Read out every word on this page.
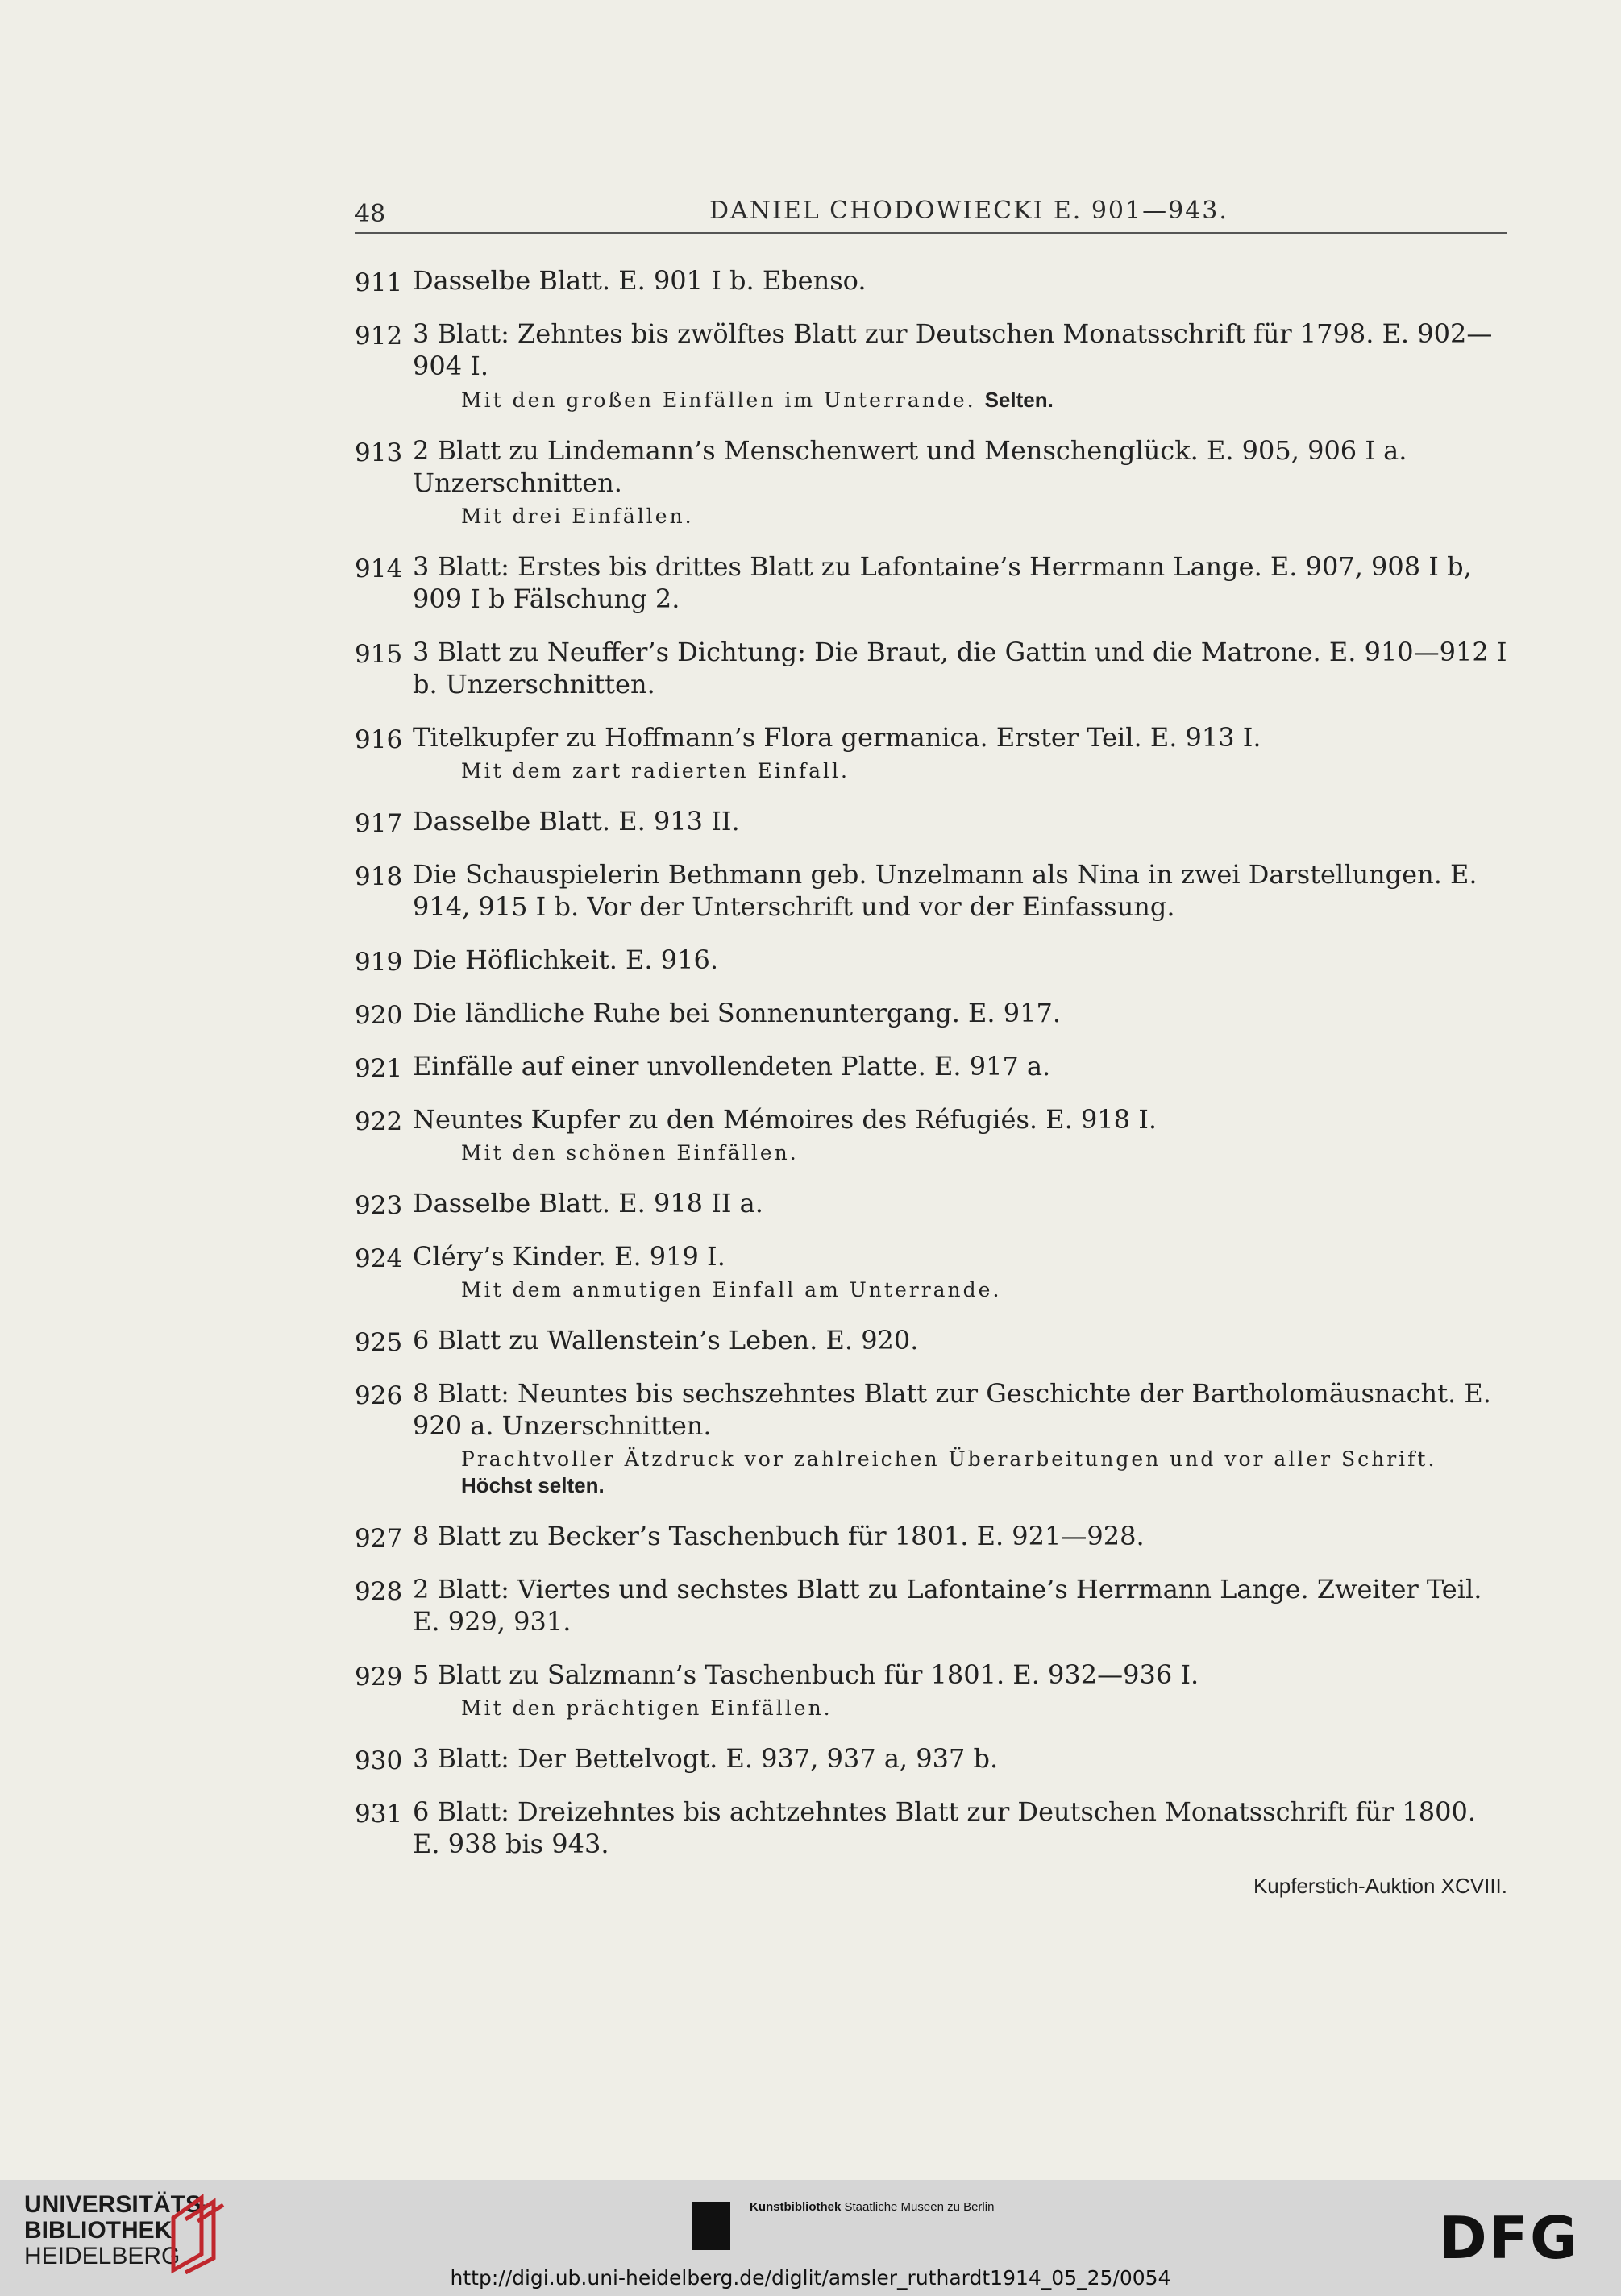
48	DANIEL CHODOWIECKI E. 901—943.
911 Dasselbe Blatt. E. 901 I b. Ebenso.
912 3 Blatt: Zehntes bis zwölftes Blatt zur Deutschen Monatsschrift für 1798. E. 902—904 I.
Mit den großen Einfällen im Unterrande. Selten.
913 2 Blatt zu Lindemann’s Menschenwert und Menschenglück. E. 905, 906 I a. Unzerschnitten.
Mit drei Einfällen.
914 3 Blatt: Erstes bis drittes Blatt zu Lafontaine’s Herrmann Lange. E. 907, 908 I b, 909 I b Fälschung 2.
915 3 Blatt zu Neuffer’s Dichtung: Die Braut, die Gattin und die Matrone. E. 910—912 I b. Unzerschnitten.
916 Titelkupfer zu Hoffmann’s Flora germanica. Erster Teil. E. 913 I.
Mit dem zart radierten Einfall.
917 Dasselbe Blatt. E. 913 II.
918 Die Schauspielerin Bethmann geb. Unzelmann als Nina in zwei Darstellungen. E. 914, 915 I b. Vor der Unterschrift und vor der Einfassung.
919 Die Höflichkeit. E. 916.
920 Die ländliche Ruhe bei Sonnenuntergang. E. 917.
921 Einfälle auf einer unvollendeten Platte. E. 917 a.
922 Neuntes Kupfer zu den Mémoires des Réfugiés. E. 918 I.
Mit den schönen Einfällen.
923 Dasselbe Blatt. E. 918 II a.
924 Cléry’s Kinder. E. 919 I.
Mit dem anmutigen Einfall am Unterrande.
925 6 Blatt zu Wallenstein’s Leben. E. 920.
926 8 Blatt: Neuntes bis sechszehntes Blatt zur Geschichte der Bartholomäusnacht. E. 920 a. Unzerschnitten.
Prachtvoller Ätzdruck vor zahlreichen Überarbeitungen und vor aller Schrift. Höchst selten.
927 8 Blatt zu Becker’s Taschenbuch für 1801. E. 921—928.
928 2 Blatt: Viertes und sechstes Blatt zu Lafontaine’s Herrmann Lange. Zweiter Teil. E. 929, 931.
929 5 Blatt zu Salzmann’s Taschenbuch für 1801. E. 932—936 I.
Mit den prächtigen Einfällen.
930 3 Blatt: Der Bettelvogt. E. 937, 937 a, 937 b.
931 6 Blatt: Dreizehntes bis achtzehntes Blatt zur Deutschen Monatsschrift für 1800. E. 938 bis 943.
Kupferstich-Auktion XCVIII.
UNIVERSITÄTS-
BIBLIOTHEK
HEIDELBERG
Kunstbibliothek Staatliche Museen zu Berlin	DFG
http://digi.ub.uni-heidelberg.de/diglit/amsler_ruthardt1914_05_25/0054
